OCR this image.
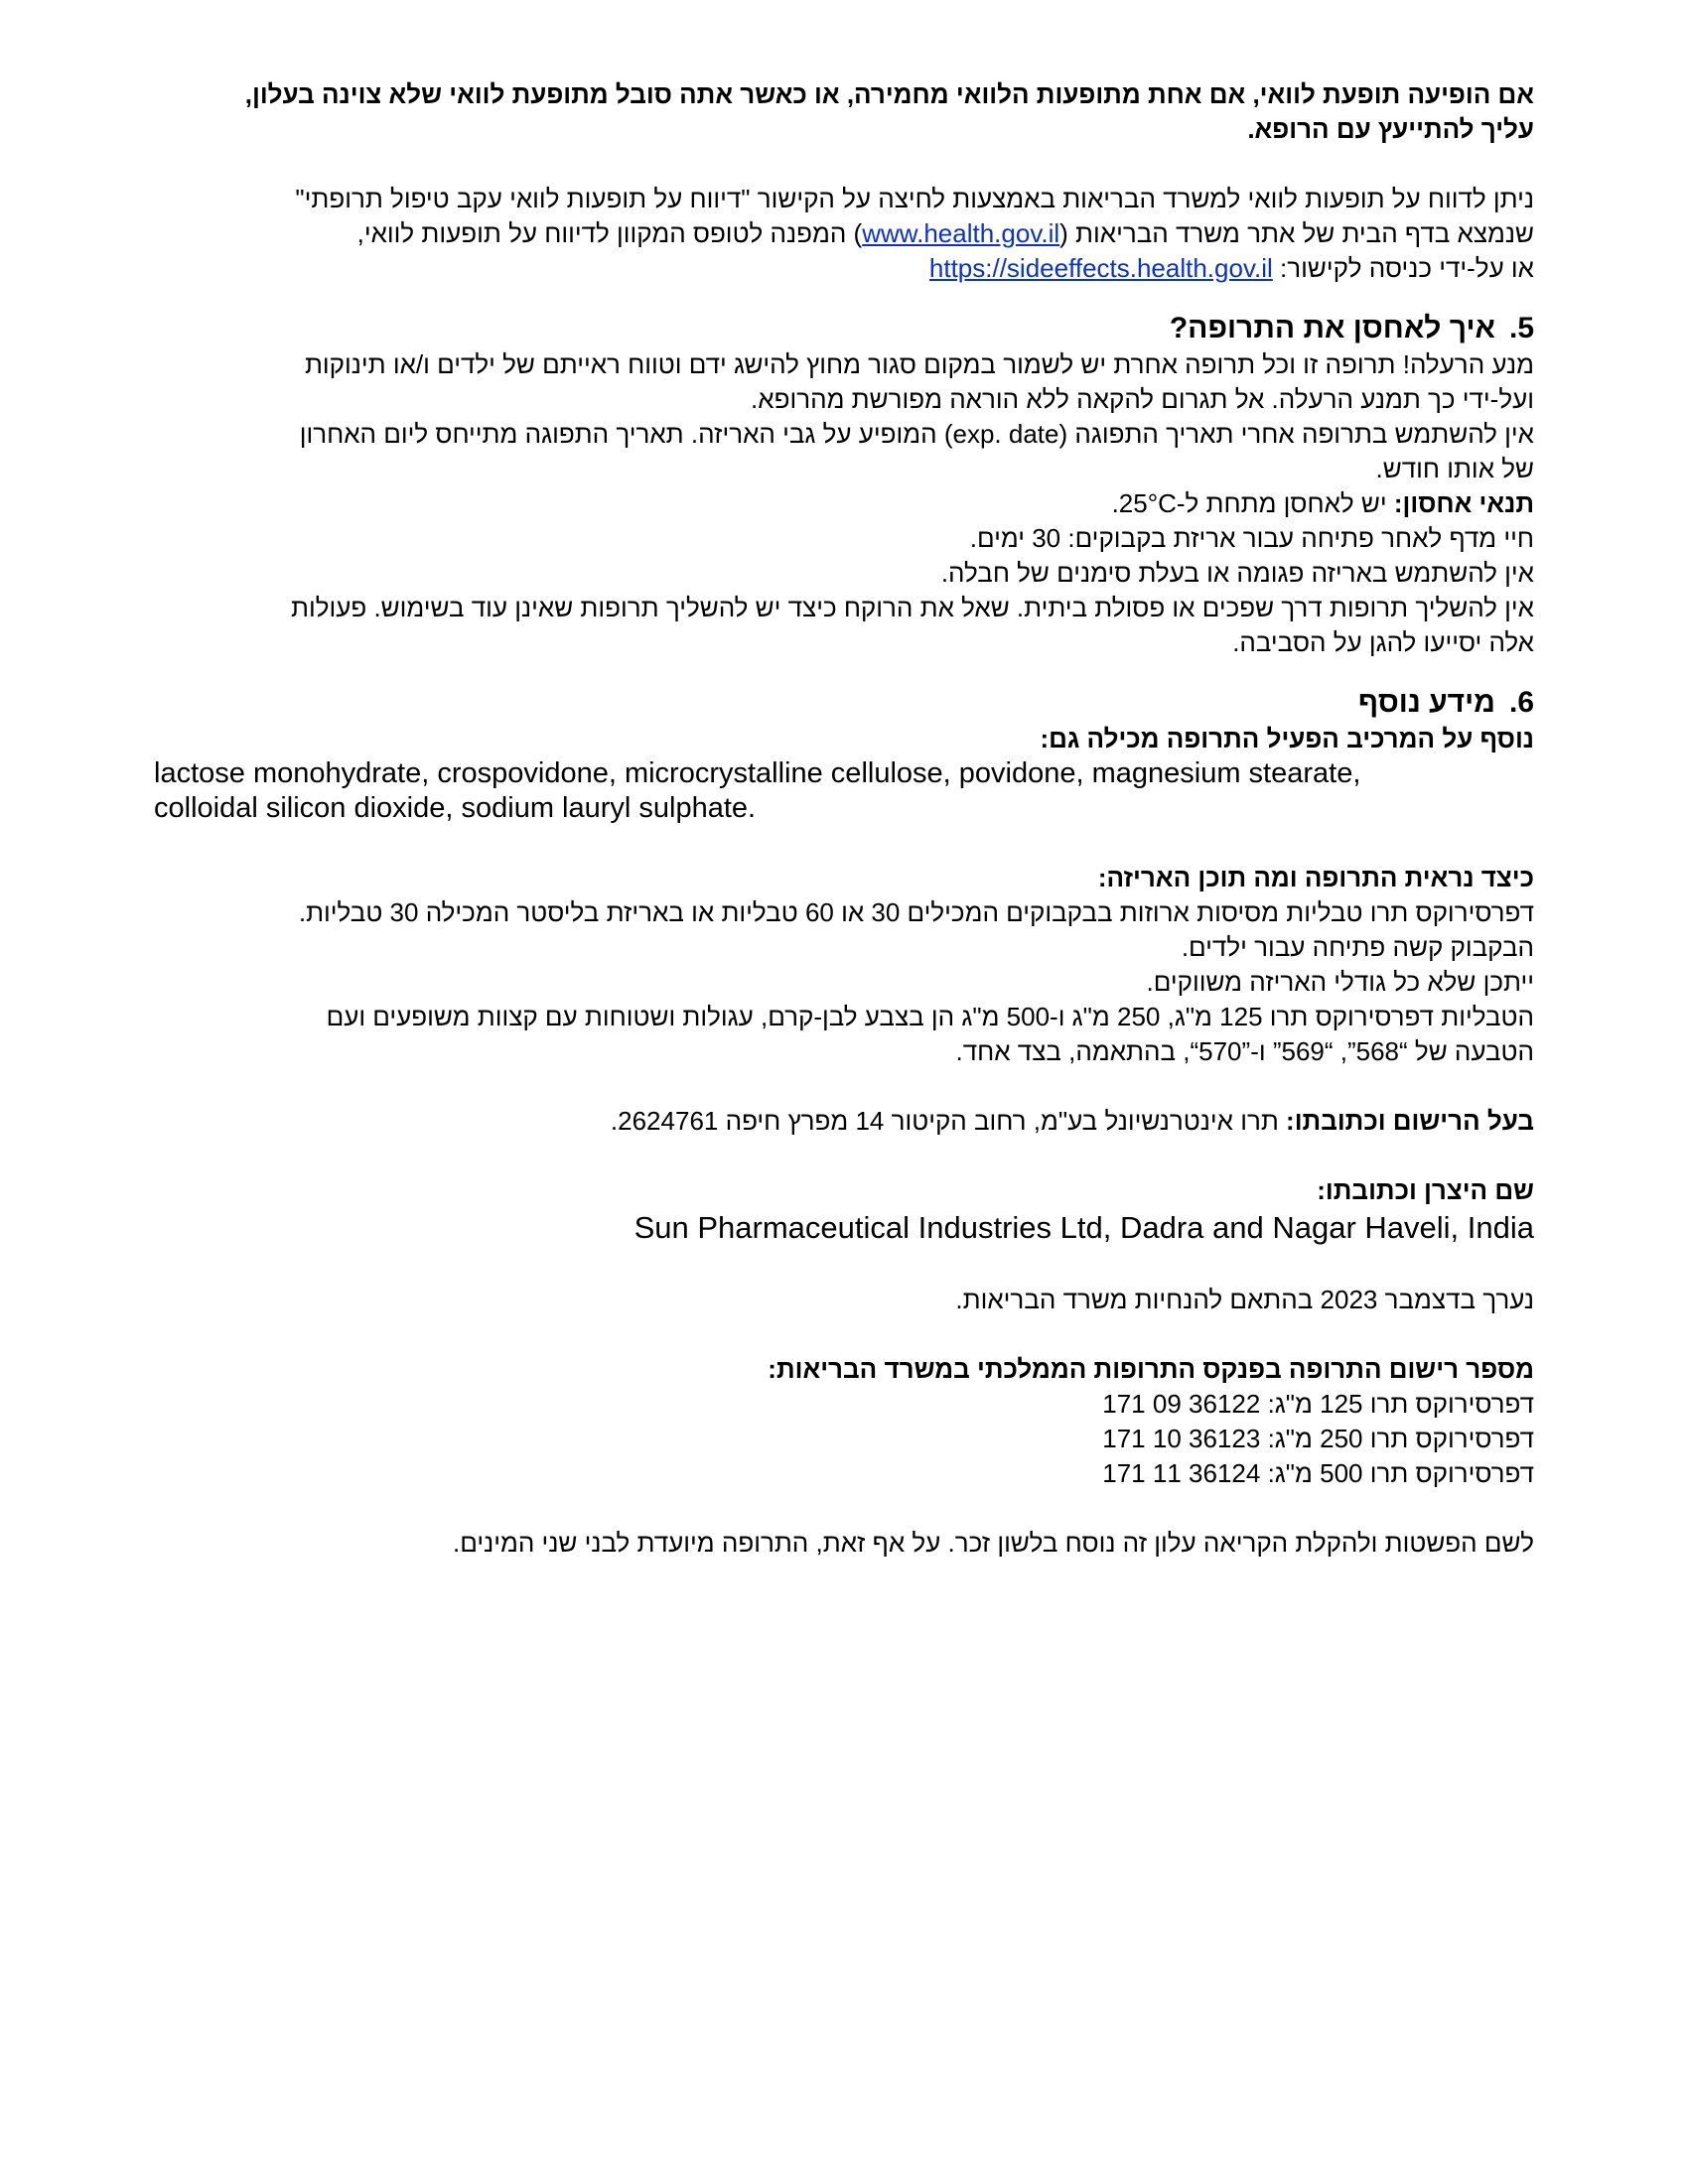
אם הופיעה תופעת לוואי, אם אחת מתופעות הלוואי מחמירה, או כאשר אתה סובל מתופעת לוואי שלא צוינה בעלון,

עליך להתייעץ עם הרופא.

ניתן לדווח על תופעות לוואי למשרד הבריאות באמצעות לחיצה על הקישור "דיווח על תופעות לוואי עקב טיפול תרופתי"

שנמצא בדף הבית של אתר משרד הבריאות (www.health.gov.il) המפנה לטופס המקוון לדיווח על תופעות לוואי,

או על-ידי כניסה לקישור: https://sideeffects.health.gov.il

5.איך לאחסן את התרופה?

מנע הרעלה! תרופה זו וכל תרופה אחרת יש לשמור במקום סגור מחוץ להישג ידם וטווח ראייתם של ילדים ו/או תינוקות

ועל-ידי כך תמנע הרעלה. אל תגרום להקאה ללא הוראה מפורשת מהרופא.

אין להשתמש בתרופה אחרי תאריך התפוגה (exp. date) המופיע על גבי האריזה. תאריך התפוגה מתייחס ליום האחרון

של אותו חודש.

תנאי אחסון: יש לאחסן מתחת ל-25°C.

חיי מדף לאחר פתיחה עבור אריזת בקבוקים: 30 ימים.

אין להשתמש באריזה פגומה או בעלת סימנים של חבלה.

אין להשליך תרופות דרך שפכים או פסולת ביתית. שאל את הרוקח כיצד יש להשליך תרופות שאינן עוד בשימוש. פעולות

אלה יסייעו להגן על הסביבה.

6.מידע נוסף

נוסף על המרכיב הפעיל התרופה מכילה גם:

lactose monohydrate, crospovidone, microcrystalline cellulose, povidone, magnesium stearate,

colloidal silicon dioxide, sodium lauryl sulphate.

כיצד נראית התרופה ומה תוכן האריזה:

דפרסירוקס תרו טבליות מסיסות ארוזות בבקבוקים המכילים 30 או 60 טבליות או באריזת בליסטר המכילה 30 טבליות.

הבקבוק קשה פתיחה עבור ילדים.

ייתכן שלא כל גודלי האריזה משווקים.

הטבליות דפרסירוקס תרו 125 מ"ג, 250 מ"ג ו-500 מ"ג הן בצבע לבן-קרם, עגולות ושטוחות עם קצוות משופעים ועם

הטבעה של “568”, “569” ו-”570“, בהתאמה, בצד אחד.

בעל הרישום וכתובתו: תרו אינטרנשיונל בע"מ, רחוב הקיטור 14 מפרץ חיפה 2624761.

שם היצרן וכתובתו:

Sun Pharmaceutical Industries Ltd, Dadra and Nagar Haveli, India

נערך בדצמבר 2023 בהתאם להנחיות משרד הבריאות.

מספר רישום התרופה בפנקס התרופות הממלכתי במשרד הבריאות:

דפרסירוקס תרו 125 מ"ג: 36122 09 171

דפרסירוקס תרו 250 מ"ג: 36123 10 171

דפרסירוקס תרו 500 מ"ג: 36124 11 171

לשם הפשטות ולהקלת הקריאה עלון זה נוסח בלשון זכר. על אף זאת, התרופה מיועדת לבני שני המינים.
